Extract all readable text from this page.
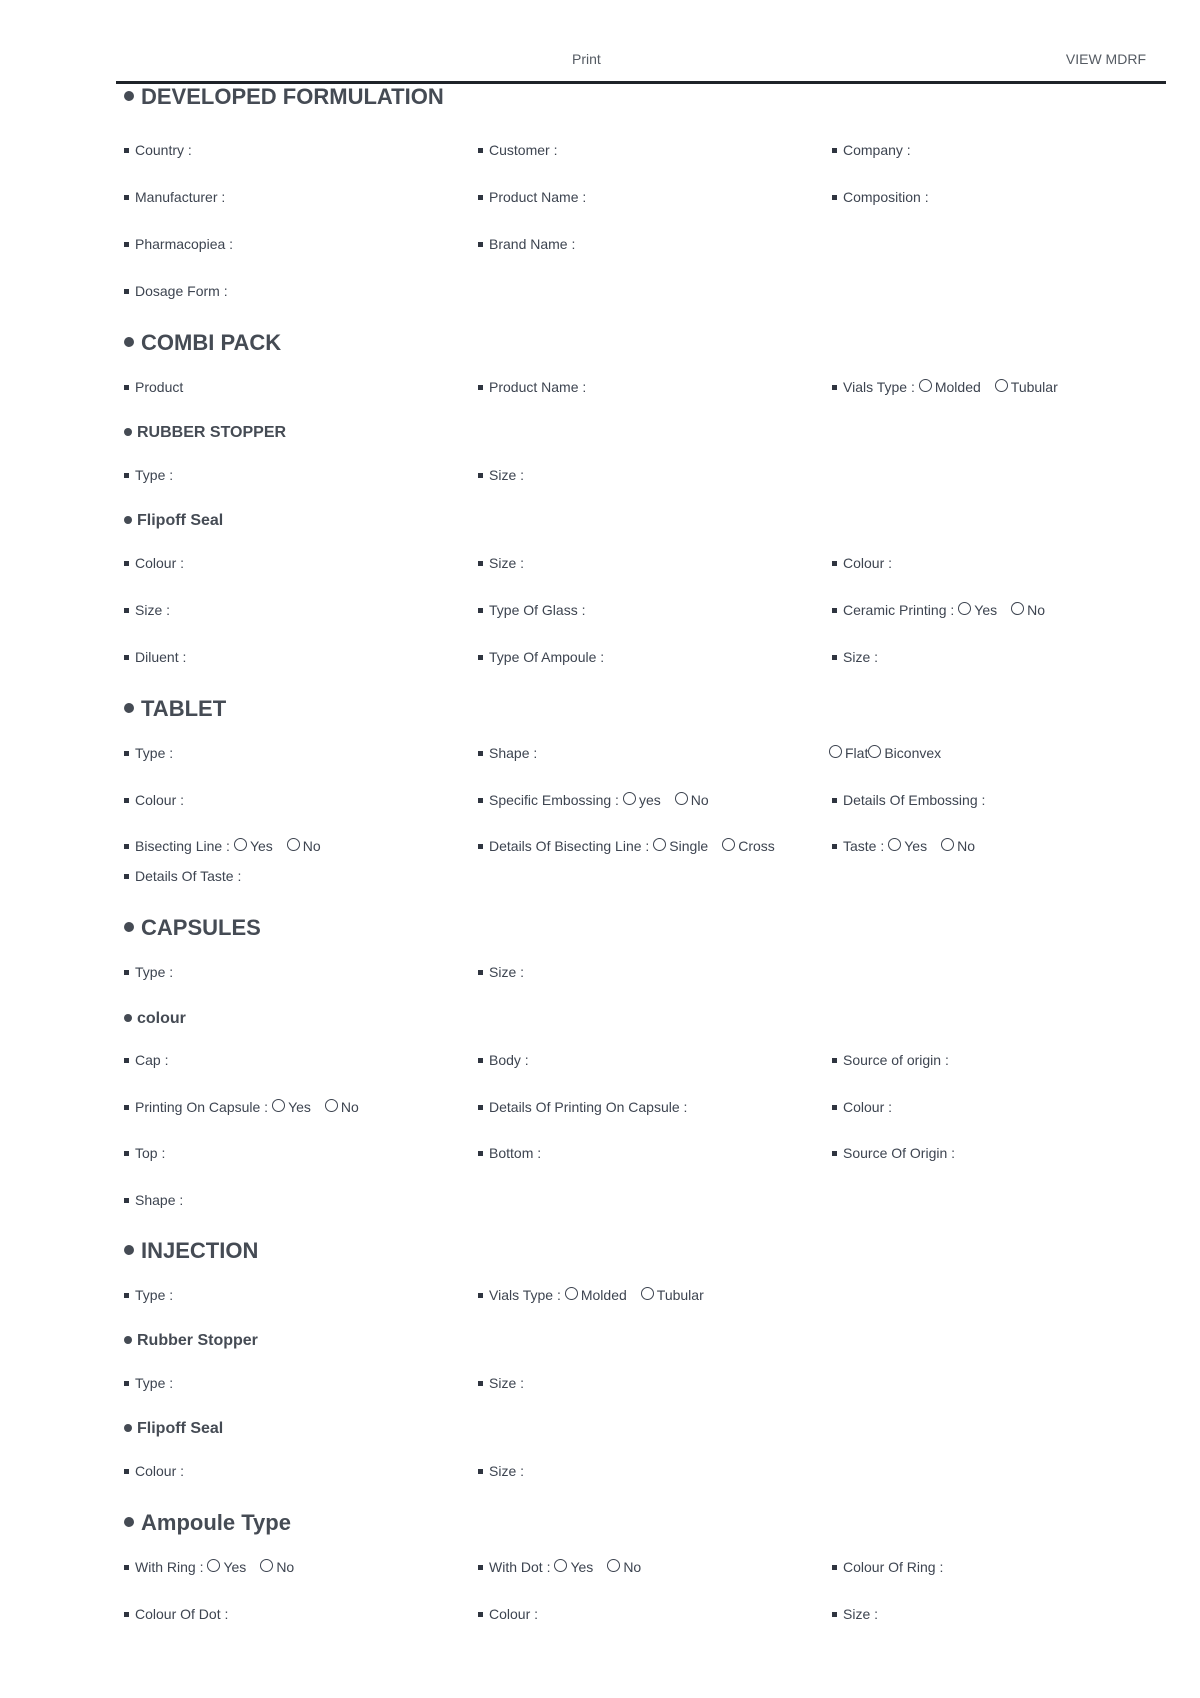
Print	VIEW MDRF
DEVELOPED FORMULATION
Country :	Customer :	Company :
Manufacturer :	Product Name :	Composition :
Pharmacopiea :	Brand Name :
Dosage Form :
COMBI PACK
Product	Product Name :	Vials Type : Molded Tubular
RUBBER STOPPER
Type :	Size :
Flipoff Seal
Colour :	Size :	Colour :
Size :	Type Of Glass :	Ceramic Printing : Yes No
Diluent :	Type Of Ampoule :	Size :
TABLET
Type :	Shape :	Flat Biconvex
Colour :	Specific Embossing : yes No	Details Of Embossing :
Bisecting Line : Yes No	Details Of Bisecting Line : Single Cross	Taste : Yes No
Details Of Taste :
CAPSULES
Type :	Size :
colour
Cap :	Body :	Source of origin :
Printing On Capsule : Yes No	Details Of Printing On Capsule :	Colour :
Top :	Bottom :	Source Of Origin :
Shape :
INJECTION
Type :	Vials Type : Molded Tubular
Rubber Stopper
Type :	Size :
Flipoff Seal
Colour :	Size :
Ampoule Type
With Ring : Yes No	With Dot : Yes No	Colour Of Ring :
Colour Of Dot :	Colour :	Size :
